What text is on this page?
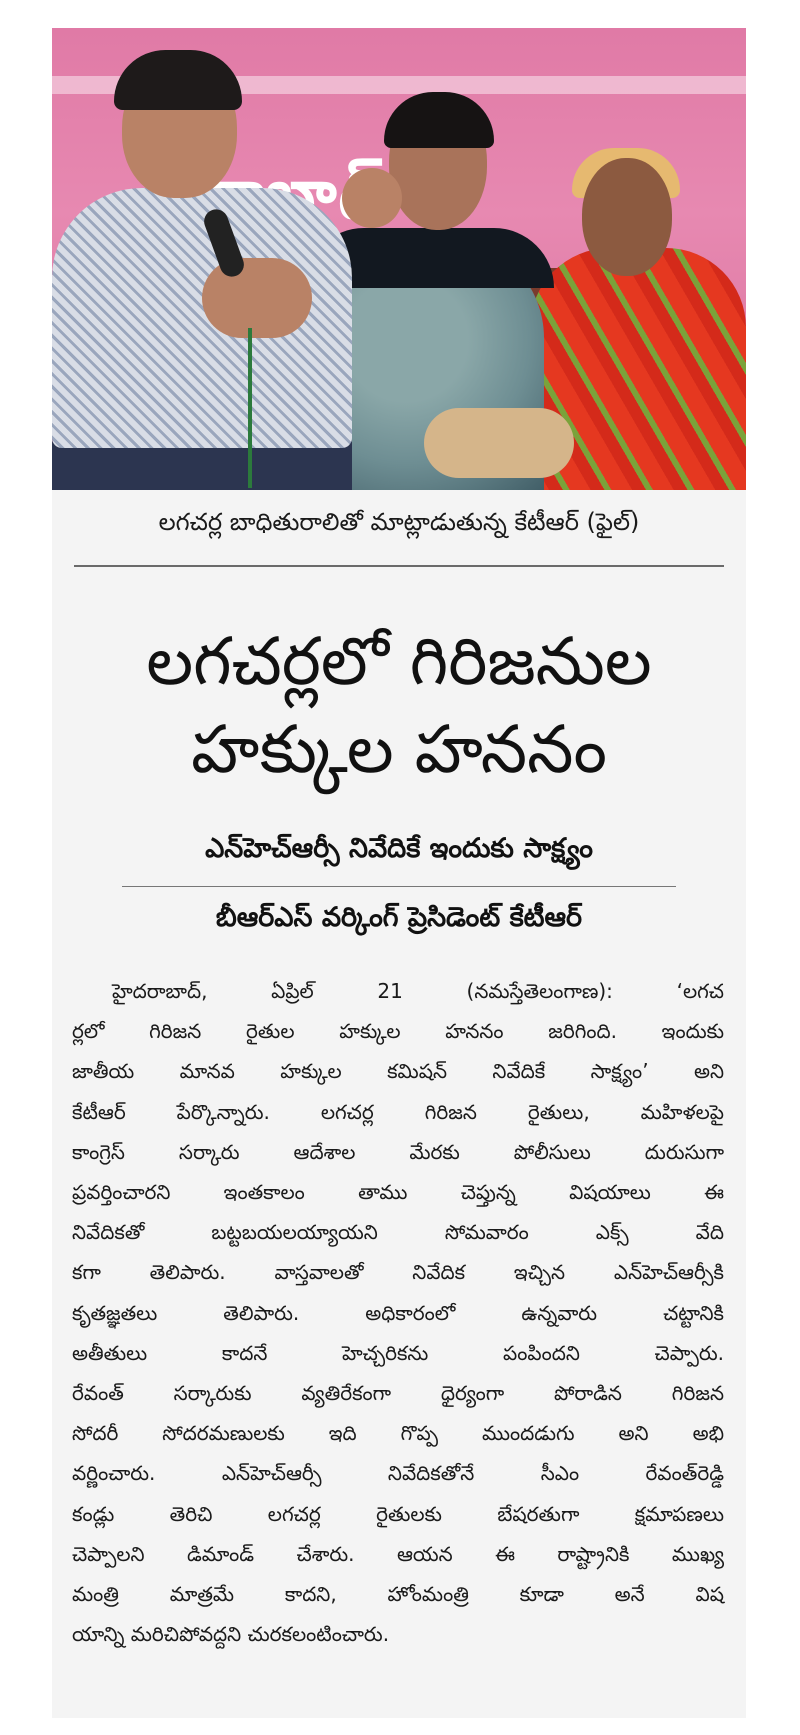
లగచర్ల బాధితురాలితో మాట్లాడుతున్న కేటీఆర్ (ఫైల్)
లగచర్లలో గిరిజనుల
హక్కుల హననం
ఎన్‌హెచ్‌ఆర్సీ నివేదికే ఇందుకు సాక్ష్యం
బీఆర్‌ఎస్ వర్కింగ్ ప్రెసిడెంట్ కేటీఆర్

హైదరాబాద్, ఏప్రిల్ 21 (నమస్తేతెలంగాణ): ‘లగచ

ర్లలో గిరిజన రైతుల హక్కుల హననం జరిగింది. ఇందుకు

జాతీయ మానవ హక్కుల కమిషన్ నివేదికే సాక్ష్యం’ అని

కేటీఆర్ పేర్కొన్నారు. లగచర్ల గిరిజన రైతులు, మహిళలపై

కాంగ్రెస్ సర్కారు ఆదేశాల మేరకు పోలీసులు దురుసుగా

ప్రవర్తించారని ఇంతకాలం తాము చెప్తున్న విషయాలు ఈ

నివేదికతో బట్టబయలయ్యాయని సోమవారం ఎక్స్ వేది

కగా తెలిపారు. వాస్తవాలతో నివేదిక ఇచ్చిన ఎన్‌హెచ్‌ఆర్సీకి

కృతజ్ఞతలు తెలిపారు. అధికారంలో ఉన్నవారు చట్టానికి

అతీతులు కాదనే హెచ్చరికను పంపిందని చెప్పారు.

రేవంత్ సర్కారుకు వ్యతిరేకంగా ధైర్యంగా పోరాడిన గిరిజన

సోదరీ సోదరమణులకు ఇది గొప్ప ముందడుగు అని అభి

వర్ణించారు. ఎన్‌హెచ్‌ఆర్సీ నివేదికతోనే సీఎం రేవంత్‌రెడ్డి

కండ్లు తెరిచి లగచర్ల రైతులకు బేషరతుగా క్షమాపణలు

చెప్పాలని డిమాండ్ చేశారు. ఆయన ఈ రాష్ట్రానికి ముఖ్య

మంత్రి మాత్రమే కాదని, హోంమంత్రి కూడా అనే విష

యాన్ని మరిచిపోవద్దని చురకలంటించారు.
